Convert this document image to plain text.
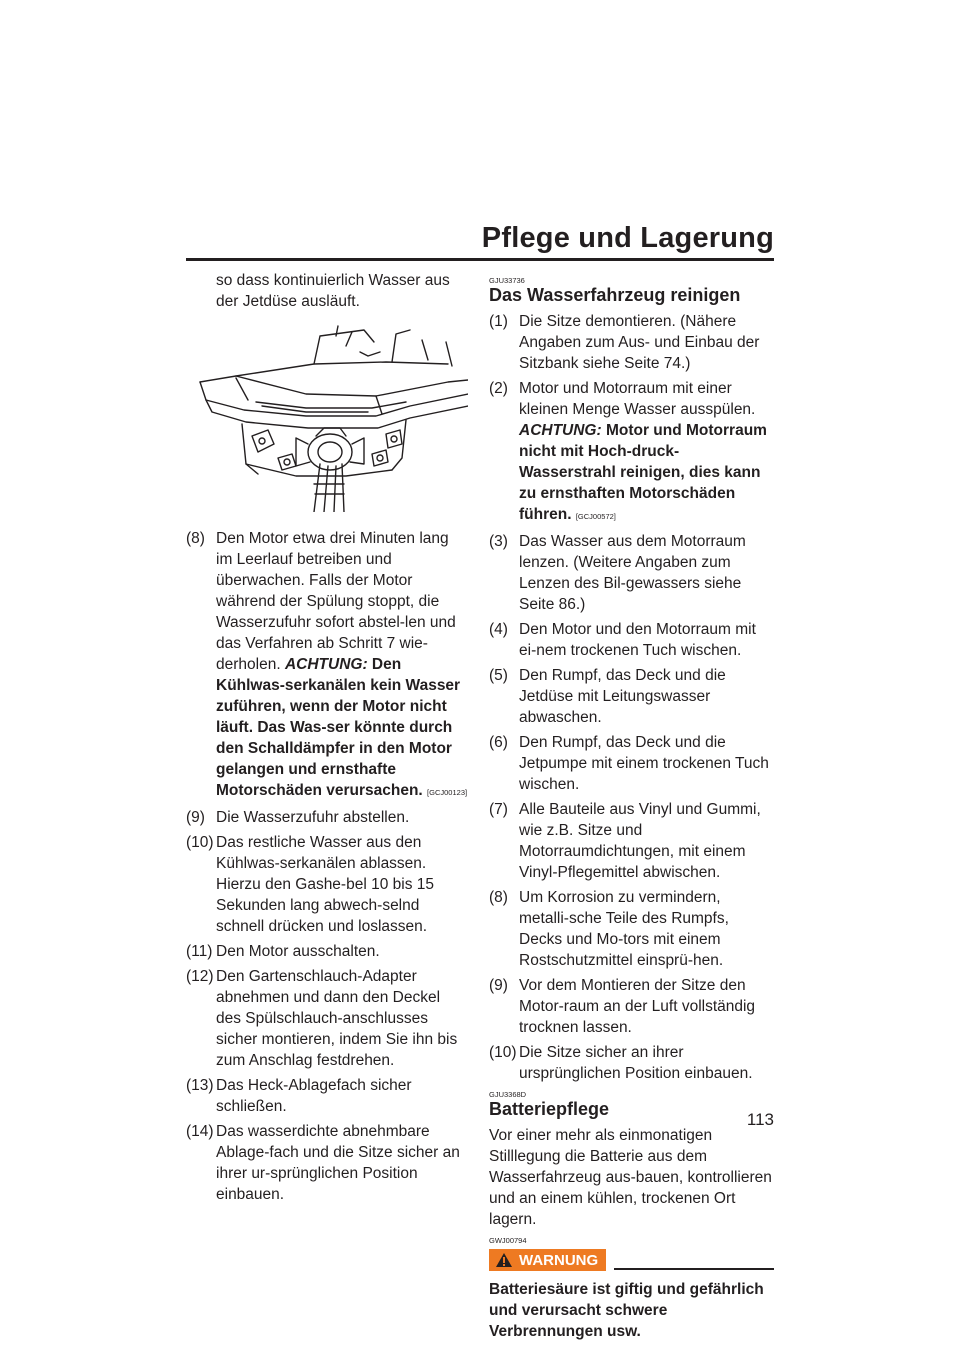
Pflege und Lagerung
so dass kontinuierlich Wasser aus der Jetdüse ausläuft.
(8) Den Motor etwa drei Minuten lang im Leerlauf betreiben und überwachen. Falls der Motor während der Spülung stoppt, die Wasserzufuhr sofort abstel-len und das Verfahren ab Schritt 7 wie-derholen. ACHTUNG: Den Kühlwas-serkanälen kein Wasser zuführen, wenn der Motor nicht läuft. Das Was-ser könnte durch den Schalldämpfer in den Motor gelangen und ernsthafte Motorschäden verursachen. [GCJ00123]
(9) Die Wasserzufuhr abstellen.
(10) Das restliche Wasser aus den Kühlwas-serkanälen ablassen. Hierzu den Gashe-bel 10 bis 15 Sekunden lang abwech-selnd schnell drücken und loslassen.
(11) Den Motor ausschalten.
(12) Den Gartenschlauch-Adapter abnehmen und dann den Deckel des Spülschlauch-anschlusses sicher montieren, indem Sie ihn bis zum Anschlag festdrehen.
(13) Das Heck-Ablagefach sicher schließen.
(14) Das wasserdichte abnehmbare Ablage-fach und die Sitze sicher an ihrer ur-sprünglichen Position einbauen.
GJU33736
Das Wasserfahrzeug reinigen
(1) Die Sitze demontieren. (Nähere Angaben zum Aus- und Einbau der Sitzbank siehe Seite 74.)
(2) Motor und Motorraum mit einer kleinen Menge Wasser ausspülen. ACHTUNG: Motor und Motorraum nicht mit Hoch-druck-Wasserstrahl reinigen, dies kann zu ernsthaften Motorschäden führen. [GCJ00572]
(3) Das Wasser aus dem Motorraum lenzen. (Weitere Angaben zum Lenzen des Bil-gewassers siehe Seite 86.)
(4) Den Motor und den Motorraum mit ei-nem trockenen Tuch wischen.
(5) Den Rumpf, das Deck und die Jetdüse mit Leitungswasser abwaschen.
(6) Den Rumpf, das Deck und die Jetpumpe mit einem trockenen Tuch wischen.
(7) Alle Bauteile aus Vinyl und Gummi, wie z.B. Sitze und Motorraumdichtungen, mit einem Vinyl-Pflegemittel abwischen.
(8) Um Korrosion zu vermindern, metalli-sche Teile des Rumpfs, Decks und Mo-tors mit einem Rostschutzmittel einsprü-hen.
(9) Vor dem Montieren der Sitze den Motor-raum an der Luft vollständig trocknen lassen.
(10) Die Sitze sicher an ihrer ursprünglichen Position einbauen.
GJU3368D
Batteriepflege
Vor einer mehr als einmonatigen Stilllegung die Batterie aus dem Wasserfahrzeug aus-bauen, kontrollieren und an einem kühlen, trockenen Ort lagern.
GWJ00794
WARNUNG
Batteriesäure ist giftig und gefährlich und verursacht schwere Verbrennungen usw.
113
